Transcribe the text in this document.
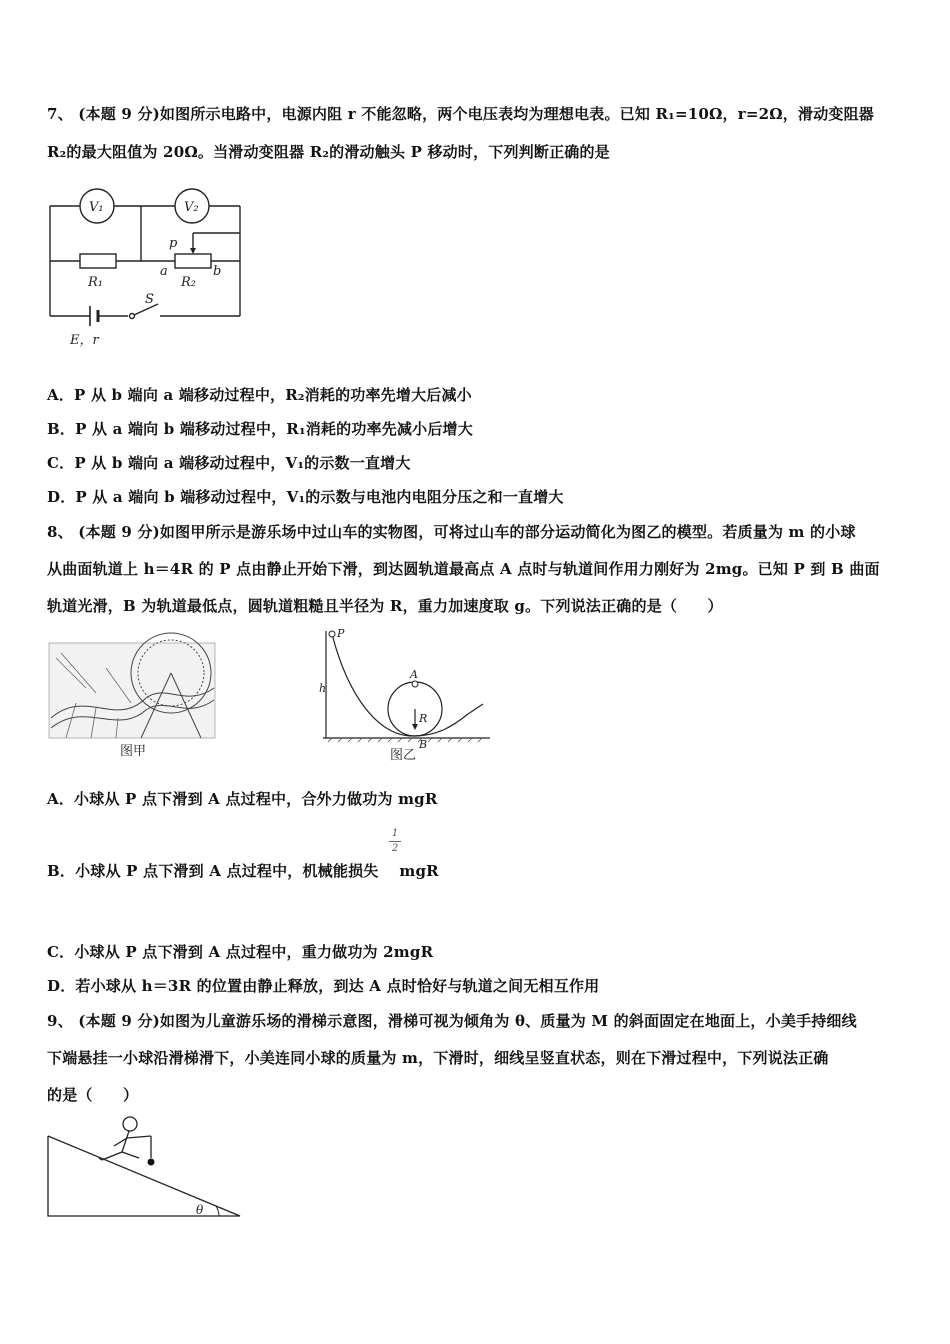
7、 (本题 9 分)如图所示电路中，电源内阻 r 不能忽略，两个电压表均为理想电表。已知 R₁=10Ω，r=2Ω，滑动变阻器
R₂的最大阻值为 20Ω。当滑动变阻器 R₂的滑动触头 P 移动时，下列判断正确的是
V₁	V₂
R₁	R₂
p
a	b
S
E，r
A．P 从 b 端向 a 端移动过程中，R₂消耗的功率先增大后减小
B．P 从 a 端向 b 端移动过程中，R₁消耗的功率先减小后增大
C．P 从 b 端向 a 端移动过程中，V₁的示数一直增大
D．P 从 a 端向 b 端移动过程中，V₁的示数与电池内电阻分压之和一直增大
8、 (本题 9 分)如图甲所示是游乐场中过山车的实物图，可将过山车的部分运动简化为图乙的模型。若质量为 m 的小球
从曲面轨道上 h＝4R 的 P 点由静止开始下滑，到达圆轨道最高点 A 点时与轨道间作用力刚好为 2mg。已知 P 到 B 曲面
轨道光滑，B 为轨道最低点，圆轨道粗糙且半径为 R，重力加速度取 g。下列说法正确的是（　　）
图甲
P
h
A
R
B
图乙
A．小球从 P 点下滑到 A 点过程中，合外力做功为 mgR
1
2
B．小球从 P 点下滑到 A 点过程中，机械能损失 mgR
C．小球从 P 点下滑到 A 点过程中，重力做功为 2mgR
D．若小球从 h＝3R 的位置由静止释放，到达 A 点时恰好与轨道之间无相互作用
9、 (本题 9 分)如图为儿童游乐场的滑梯示意图，滑梯可视为倾角为 θ、质量为 M 的斜面固定在地面上，小美手持细线
下端悬挂一小球沿滑梯滑下，小美连同小球的质量为 m，下滑时，细线呈竖直状态，则在下滑过程中，下列说法正确
的是（　　）
θ
